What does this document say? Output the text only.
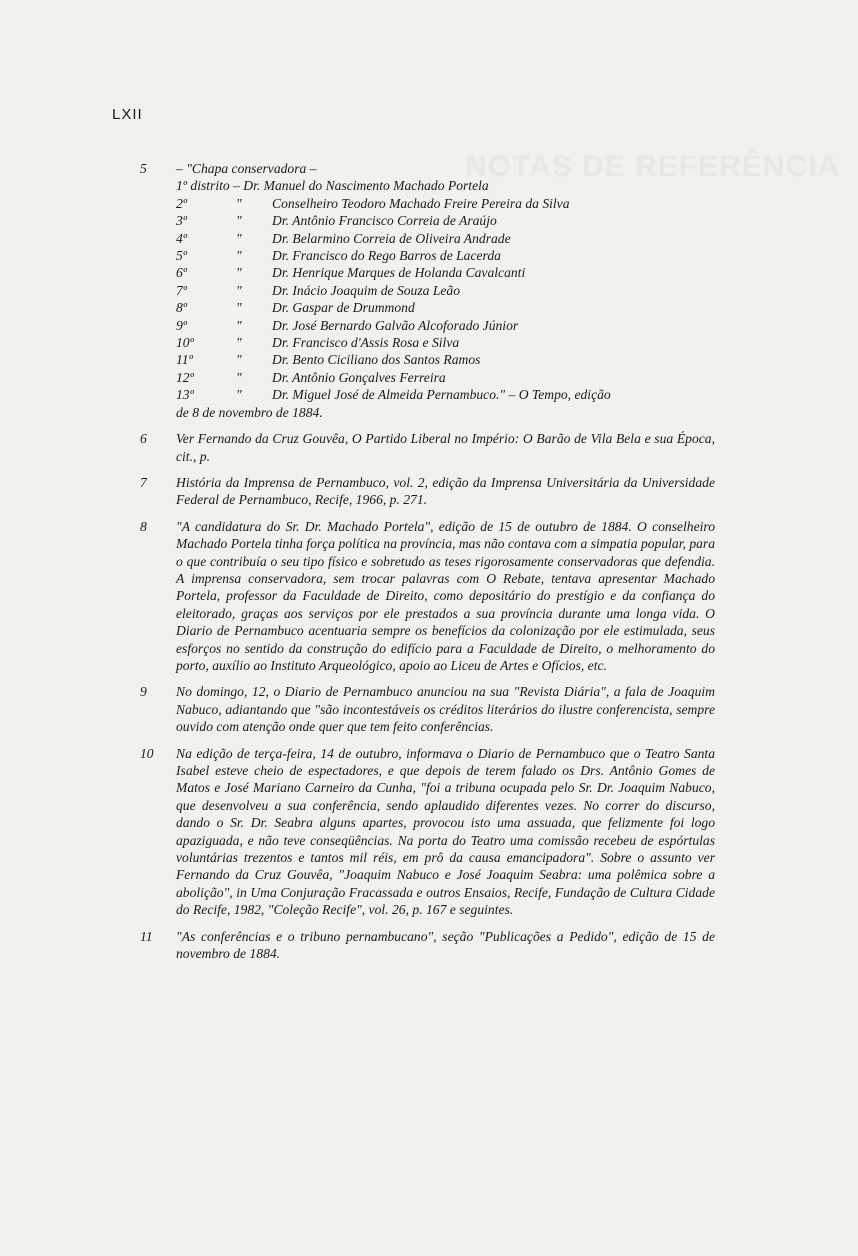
NOTAS DE REFERÊNCIA
LXII
5 – "Chapa conservadora –
1º distrito – Dr. Manuel do Nascimento Machado Portela
2º	"	Conselheiro Teodoro Machado Freire Pereira da Silva
3º	"	Dr. Antônio Francisco Correia de Araújo
4º	"	Dr. Belarmino Correia de Oliveira Andrade
5º	"	Dr. Francisco do Rego Barros de Lacerda
6º	"	Dr. Henrique Marques de Holanda Cavalcanti
7º	"	Dr. Inácio Joaquim de Souza Leão
8º	"	Dr. Gaspar de Drummond
9º	"	Dr. José Bernardo Galvão Alcoforado Júnior
10º	"	Dr. Francisco d'Assis Rosa e Silva
11º	"	Dr. Bento Ciciliano dos Santos Ramos
12º	"	Dr. Antônio Gonçalves Ferreira
13º	"	Dr. Miguel José de Almeida Pernambuco." – O Tempo, edição
de 8 de novembro de 1884.
6 Ver Fernando da Cruz Gouvêa, O Partido Liberal no Império: O Barão de Vila Bela e sua Época, cit., p.
7 História da Imprensa de Pernambuco, vol. 2, edição da Imprensa Universitária da Universidade Federal de Pernambuco, Recife, 1966, p. 271.
8 "A candidatura do Sr. Dr. Machado Portela", edição de 15 de outubro de 1884. O conselheiro Machado Portela tinha força política na província, mas não contava com a simpatia popular, para o que contribuía o seu tipo físico e sobretudo as teses rigorosamente conservadoras que defendia. A imprensa conservadora, sem trocar palavras com O Rebate, tentava apresentar Machado Portela, professor da Faculdade de Direito, como depositário do prestígio e da confiança do eleitorado, graças aos serviços por ele prestados a sua província durante uma longa vida. O Diario de Pernambuco acentuaria sempre os benefícios da colonização por ele estimulada, seus esforços no sentido da construção do edifício para a Faculdade de Direito, o melhoramento do porto, auxílio ao Instituto Arqueológico, apoio ao Liceu de Artes e Ofícios, etc.
9 No domingo, 12, o Diario de Pernambuco anunciou na sua "Revista Diária", a fala de Joaquim Nabuco, adiantando que "são incontestáveis os créditos literários do ilustre conferencista, sempre ouvido com atenção onde quer que tem feito conferências.
10 Na edição de terça-feira, 14 de outubro, informava o Diario de Pernambuco que o Teatro Santa Isabel esteve cheio de espectadores, e que depois de terem falado os Drs. Antônio Gomes de Matos e José Mariano Carneiro da Cunha, "foi a tribuna ocupada pelo Sr. Dr. Joaquim Nabuco, que desenvolveu a sua conferência, sendo aplaudido diferentes vezes. No correr do discurso, dando o Sr. Dr. Seabra alguns apartes, provocou isto uma assuada, que felizmente foi logo apaziguada, e não teve conseqüências. Na porta do Teatro uma comissão recebeu de espórtulas voluntárias trezentos e tantos mil réis, em prô da causa emancipadora". Sobre o assunto ver Fernando da Cruz Gouvêa, "Joaquim Nabuco e José Joaquim Seabra: uma polêmica sobre a abolição", in Uma Conjuração Fracassada e outros Ensaios, Recife, Fundação de Cultura Cidade do Recife, 1982, "Coleção Recife", vol. 26, p. 167 e seguintes.
11 "As conferências e o tribuno pernambucano", seção "Publicações a Pedido", edição de 15 de novembro de 1884.
